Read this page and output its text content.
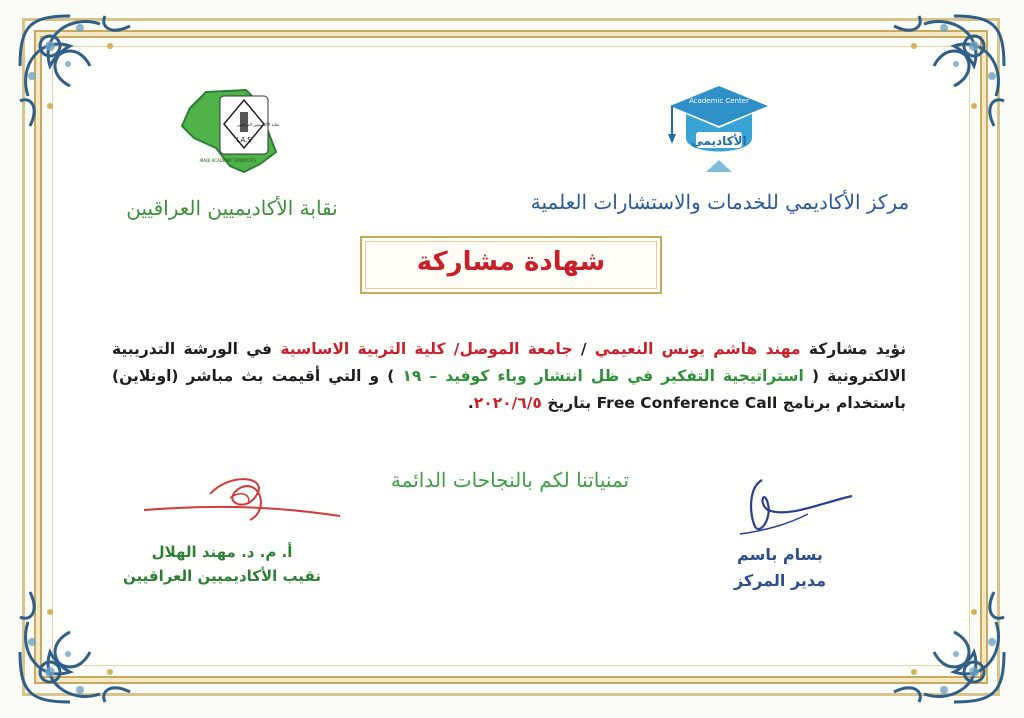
الأكاديمي
Academic Center
مركز الأكاديمي للخدمات والاستشارات العلمية
I.A.S
نقابة الأكاديميين العراقيين
IRAQI ACADEMIC SYNDICATE
نقابة الأكاديميين العراقيين
شهادة مشاركة
نؤيد مشاركة مهند هاشم يونس النعيمي / جامعة الموصل/ كلية التربية الاساسية في الورشة التدريبية الالكترونية ( استراتيجية التفكير في ظل انتشار وباء كوفيد – ١٩ ) و التي أقيمت بث مباشر (اونلاين) باستخدام برنامج Free Conference Call بتاريخ ٢٠٢٠/٦/٥.
تمنياتنا لكم بالنجاحات الدائمة
أ. م. د. مهند الهلال
نقيب الأكاديميين العراقيين
بسام باسم
مدير المركز
